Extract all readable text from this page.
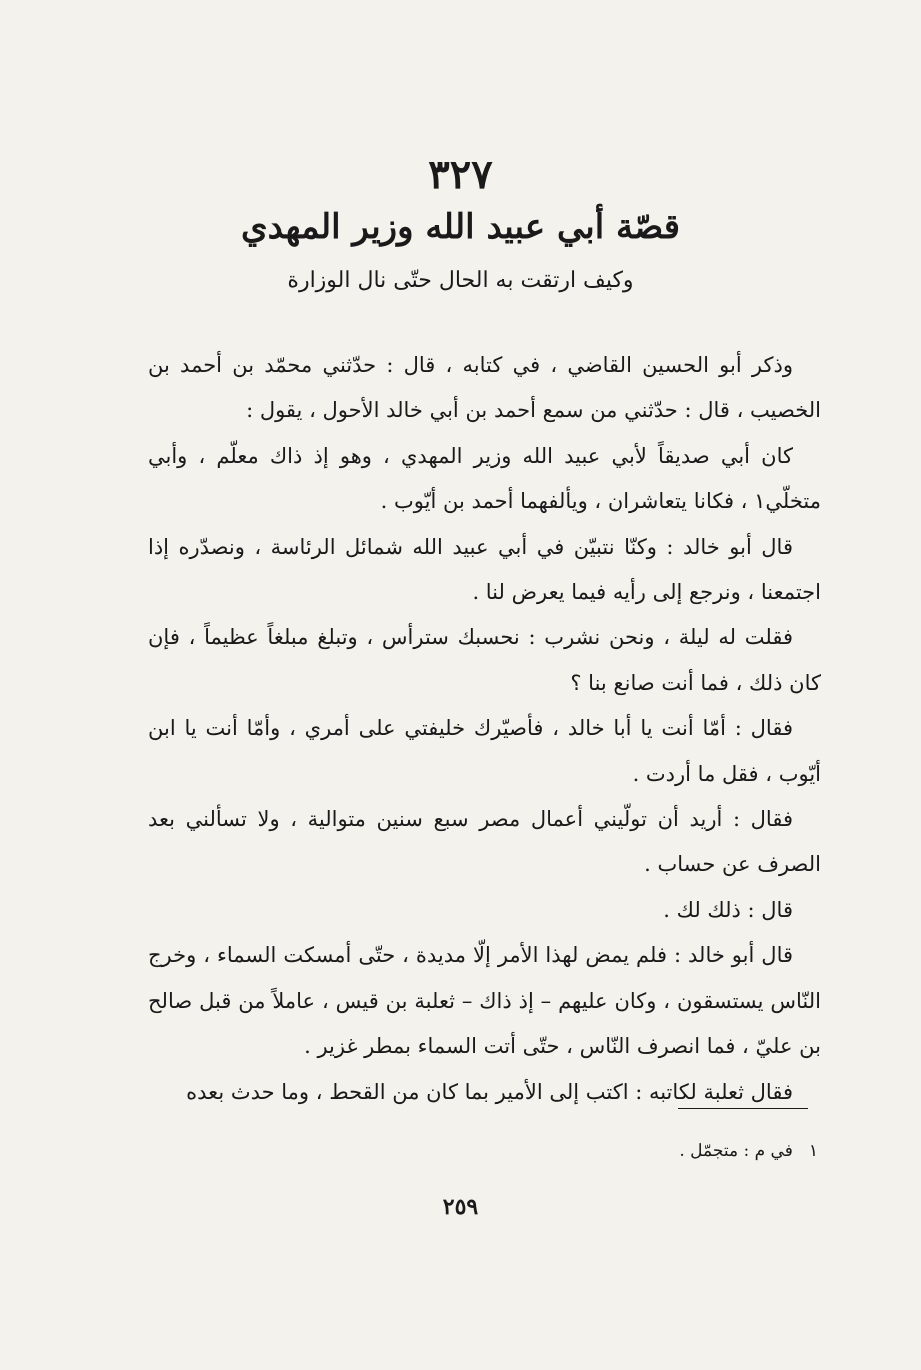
٣٢٧
قصّة أبي عبيد الله وزير المهدي
وكيف ارتقت به الحال حتّى نال الوزارة

وذكر أبو الحسين القاضي ، في كتابه ، قال : حدّثني محمّد بن أحمد بن الخصيب ، قال : حدّثني من سمع أحمد بن أبي خالد الأحول ، يقول :

كان أبي صديقاً لأبي عبيد الله وزير المهدي ، وهو إذ ذاك معلّم ، وأبي متخلّي١ ، فكانا يتعاشران ، ويألفهما أحمد بن أيّوب .

قال أبو خالد : وكنّا نتبيّن في أبي عبيد الله شمائل الرئاسة ، ونصدّره إذا اجتمعنا ، ونرجع إلى رأيه فيما يعرض لنا .

فقلت له ليلة ، ونحن نشرب : نحسبك سترأس ، وتبلغ مبلغاً عظيماً ، فإن كان ذلك ، فما أنت صانع بنا ؟

فقال : أمّا أنت يا أبا خالد ، فأصيّرك خليفتي على أمري ، وأمّا أنت يا ابن أيّوب ، فقل ما أردت .

فقال : أريد أن تولّيني أعمال مصر سبع سنين متوالية ، ولا تسألني بعد الصرف عن حساب .

قال : ذلك لك .

قال أبو خالد : فلم يمض لهذا الأمر إلّا مديدة ، حتّى أمسكت السماء ، وخرج النّاس يستسقون ، وكان عليهم – إذ ذاك – ثعلبة بن قيس ، عاملاً من قبل صالح بن عليّ ، فما انصرف النّاس ، حتّى أتت السماء بمطر غزير .

فقال ثعلبة لكاتبه : اكتب إلى الأمير بما كان من القحط ، وما حدث بعده

١في م : متجمّل .
٢٥٩
